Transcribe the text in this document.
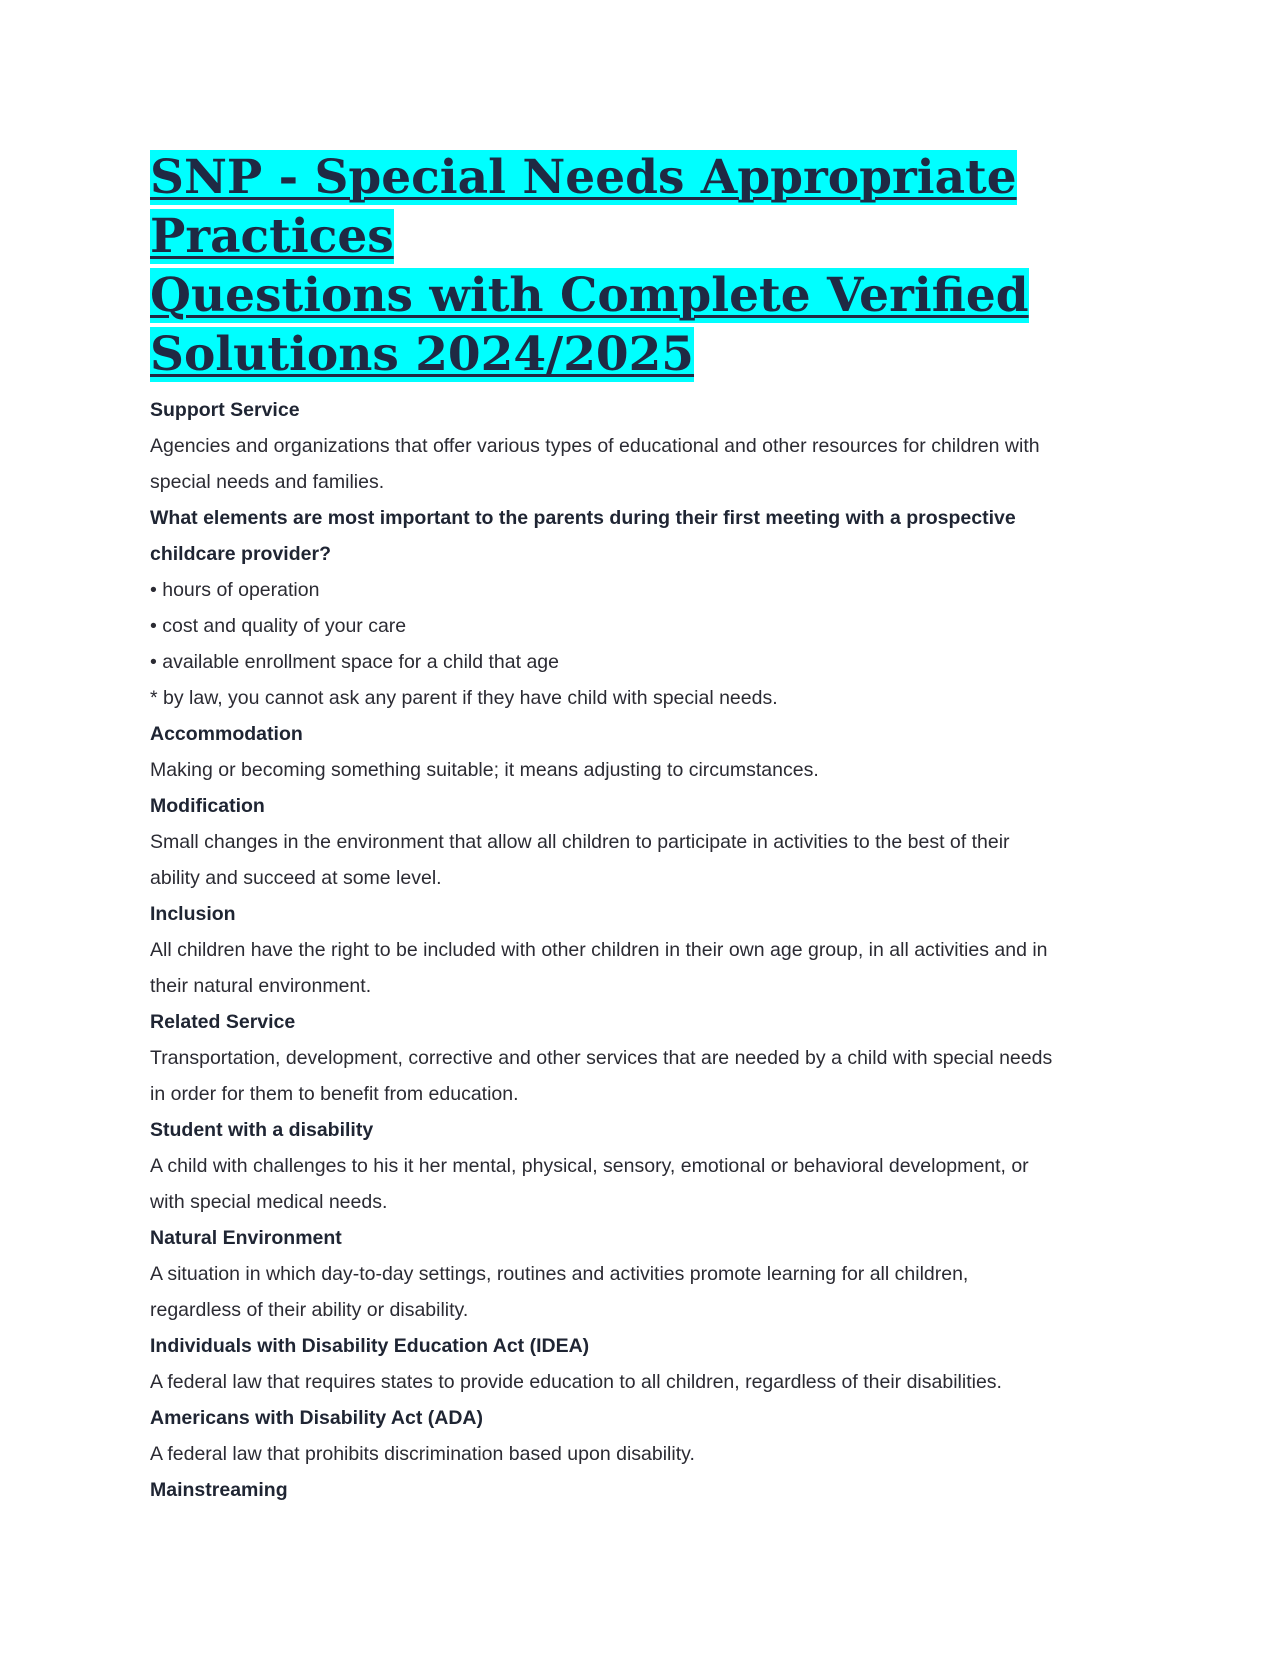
SNP - Special Needs Appropriate Practices
Questions with Complete Verified
Solutions 2024/2025

Support Service

Agencies and organizations that offer various types of educational and other resources for children with

special needs and families.

What elements are most important to the parents during their first meeting with a prospective

childcare provider?

• hours of operation

• cost and quality of your care

• available enrollment space for a child that age

* by law, you cannot ask any parent if they have child with special needs.

Accommodation

Making or becoming something suitable; it means adjusting to circumstances.

Modification

Small changes in the environment that allow all children to participate in activities to the best of their

ability and succeed at some level.

Inclusion

All children have the right to be included with other children in their own age group, in all activities and in

their natural environment.

Related Service

Transportation, development, corrective and other services that are needed by a child with special needs

in order for them to benefit from education.

Student with a disability

A child with challenges to his it her mental, physical, sensory, emotional or behavioral development, or

with special medical needs.

Natural Environment

A situation in which day-to-day settings, routines and activities promote learning for all children,

regardless of their ability or disability.

Individuals with Disability Education Act (IDEA)

A federal law that requires states to provide education to all children, regardless of their disabilities.

Americans with Disability Act (ADA)

A federal law that prohibits discrimination based upon disability.

Mainstreaming
